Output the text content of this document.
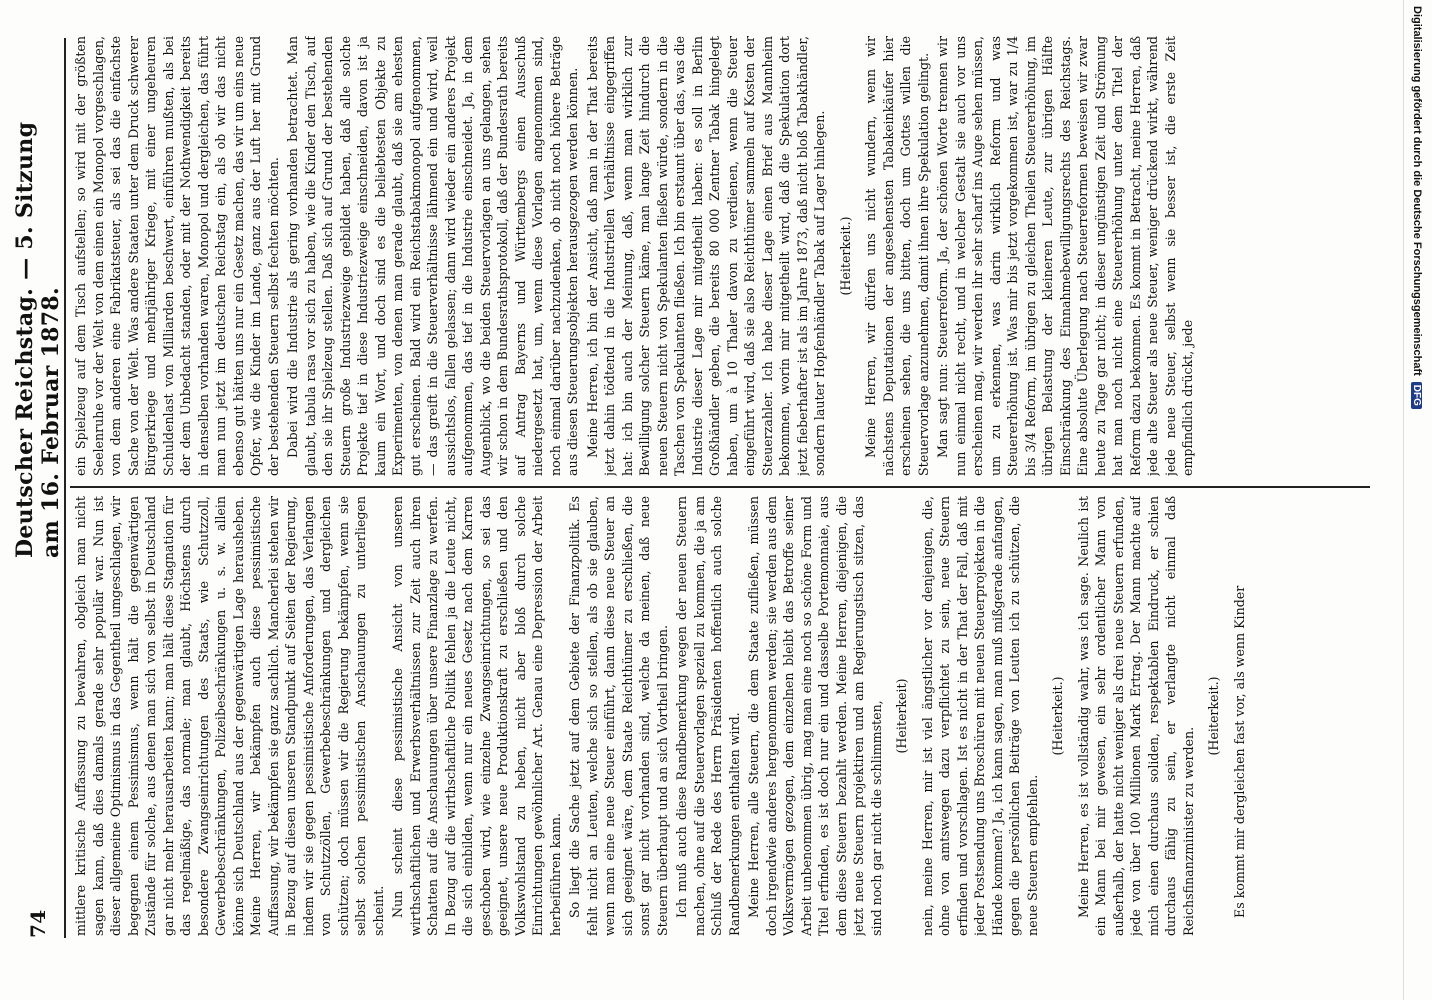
74
Deutscher Reichstag. — 5. Sitzung am 16. Februar 1878.

mittlere kritische Auffassung zu bewahren, obgleich man nicht sagen kann, daß dies damals gerade sehr populär war. Nun ist dieser allgemeine Optimismus in das Gegentheil umgeschlagen, wir begegnen einem Pessimismus, wenn hält die gegenwärtigen Zustände für solche, aus denen man sich von selbst in Deutschland gar nicht mehr herausarbeiten kann; man hält diese Stagnation für das regelmäßige, das normale; man glaubt, Höchstens durch besondere Zwangseinrichtungen des Staats, wie Schutzzoll, Gewerbebeschränkungen, Polizeibeschränkungen u. s. w. allein könne sich Deutschland aus der gegenwärtigen Lage herausheben. Meine Herren, wir bekämpfen auch diese pessimistische Auffassung, wir bekämpfen sie ganz sachlich. Mancherlei stehen wir in Bezug auf diesen unseren Standpunkt auf Seiten der Regierung, indem wir sie gegen pessimistische Anforderungen, das Verlangen von Schutzzöllen, Gewerbebeschränkungen und dergleichen schützen; doch müssen wir die Regierung bekämpfen, wenn sie selbst solchen pessimistischen Anschauungen zu unterliegen scheint. Nun scheint diese pessimistische Ansicht von unseren wirthschaftlichen und Erwerbsverhältnissen zur Zeit auch ihren Schatten auf die Anschauungen über unsere Finanzlage zu werfen. In Bezug auf die wirthschaftliche Politik fehlen ja die Leute nicht, die sich einbilden, wenn nur ein neues Gesetz nach dem Karren geschoben wird, wie einzelne Zwangseinrichtungen, so sei das geeignet, unsere neue Produktionskraft zu erschließen und den Volkswohlstand zu heben, nicht aber bloß durch solche Einrichtungen gewöhnlicher Art. Genau eine Depression der Arbeit herbeiführen kann. So liegt die Sache jetzt auf dem Gebiete der Finanzpolitik. Es fehlt nicht an Leuten, welche sich so stellen, als ob sie glauben, wenn man eine neue Steuer einführt, dann diese neue Steuer an sich geeignet wäre, dem Staate Reichthümer zu erschließen, die sonst gar nicht vorhanden sind, welche da meinen, daß neue Steuern überhaupt und an sich Vortheil bringen. Ich muß auch diese Randbemerkung wegen der neuen Steuern machen, ohne auf die Steuervorlagen speziell zu kommen, die ja am Schluß der Rede des Herrn Präsidenten hoffentlich auch solche Randbemerkungen enthalten wird. Meine Herren, alle Steuern, die dem Staate zufließen, müssen doch irgendwie anderes hergenommen werden; sie werden aus dem Volksvermögen gezogen, dem einzelnen bleibt das Betroffe seiner Arbeit unbenommen übrig, mag man eine noch so schöne Form und Titel erfinden, es ist doch nur ein und dasselbe Portemonnaie, aus dem diese Steuern bezahlt werden. Meine Herren, diejenigen, die jetzt neue Steuern projektiren und am Regierungstisch sitzen, das sind noch gar nicht die schlimmsten, (Heiterkeit) nein, meine Herren, mir ist viel ängstlicher vor denjenigen, die, ohne von amtswegen dazu verpflichtet zu sein, neue Steuern erfinden und vorschlagen. Ist es nicht in der That der Fall, daß mit jeder Postsendung uns Broschüren mit neuen Steuerprojekten in die Hände kommen? Ja, ich kann sagen, man muß mißgerade anfangen, gegen die persönlichen Beiträge von Leuten ich zu schützen, die neue Steuern empfehlen.

(Heiterkeit.) Meine Herren, es ist vollständig wahr, was ich sage. Neulich ist ein Mann bei mir gewesen, ein sehr ordentlicher Mann von außerhalb, der hatte nicht weniger als drei neue Steuern erfunden, jede von über 100 Millionen Mark Ertrag. Der Mann machte auf mich einen durchaus soliden, respektablen Eindruck, er schien durchaus fähig zu sein, er verlangte nicht einmal daß Reichsfinanzminister zu werden.

(Heiterkeit.) Es kommt mir dergleichen fast vor, als wenn Kinder

ein Spielzeug auf dem Tisch aufstellen; so wird mit der größten Seelenruhe vor der Welt von dem einen ein Monopol vorgeschlagen, von dem anderen eine Fabrikatsteuer, als sei das die einfachste Sache von der Welt. Was andere Staaten unter dem Druck schwerer Bürgerkriege und mehrjähriger Kriege, mit einer ungeheuren Schuldenlast von Milliarden beschwert, einführen mußten, als bei der dem Unbedacht standen, oder mit der Nothwendigkeit bereits in denselben vorhanden waren, Monopol und dergleichen, das führt man nun jetzt im deutschen Reichstag ein, als ob wir das nicht ebenso gut hätten uns nur ein Gesetz machen, das wir um eins neue Opfer, wie die Kinder im Lande, ganz aus der Luft her mit Grund der bestehenden Steuern selbst fechten möchten. Dabei wird die Industrie als gering vorhanden betrachtet. Man glaubt, tabula rasa vor sich zu haben, wie die Kinder den Tisch, auf den sie ihr Spielzeug stellen. Daß sich auf Grund der bestehenden Steuern große Industriezweige gebildet haben, daß alle solche Projekte tief in diese Industriezweige einschneiden, davon ist ja kaum ein Wort, und doch sind es die beliebtesten Objekte zu Experimenten, von denen man gerade glaubt, daß sie am ehesten gut erscheinen. Bald wird ein Reichstabakmonopol aufgenommen, — das greift in die Steuerverhältnisse lähmend ein und wird, weil aussichtslos, fallen gelassen; dann wird wieder ein anderes Projekt aufgenommen, das tief in die Industrie einschneidet. Ja, in dem Augenblick, wo die beiden Steuervorlagen an uns gelangen, sehen wir schon in dem Bundesrathsprotokoll, daß der Bundesrath bereits auf Antrag Bayerns und Württembergs einen Ausschuß niedergesetzt hat, um, wenn diese Vorlagen angenommen sind, noch einmal darüber nachzudenken, ob nicht noch höhere Beträge aus diesen Steuerungsobjekten herausgezogen werden können. Meine Herren, ich bin der Ansicht, daß man in der That bereits jetzt dahin tödtend in die Industriellen Verhältnisse eingegriffen hat: ich bin auch der Meinung, daß, wenn man wirklich zur Bewilligung solcher Steuern käme, man lange Zeit hindurch die neuen Steuern nicht von Spekulanten fließen würde, sondern in die Taschen von Spekulanten fließen. Ich bin erstaunt über das, was die Industrie dieser Lage mir mitgetheilt haben: es soll in Berlin Großhändler geben, die bereits 80 000 Zentner Tabak hingelegt haben, um à 10 Thaler davon zu verdienen, wenn die Steuer eingeführt wird, daß sie also Reichthümer sammeln auf Kosten der Steuerzahler. Ich habe dieser Lage einen Brief aus Mannheim bekommen, worin mir mitgetheilt wird, daß die Spekulation dort jetzt fieberhafter ist als im Jahre 1873, daß nicht bloß Tabakhändler, sondern lauter Hopfenhändler Tabak auf Lager hinlegen. (Heiterkeit.) Meine Herren, wir dürfen uns nicht wundern, wenn wir nächstens Deputationen der angesehensten Tabakeinkäufer hier erscheinen sehen, die uns bitten, doch um Gottes willen die Steuervorlage anzunehmen, damit ihnen ihre Spekulation gelingt. Man sagt nun: Steuerreform. Ja, der schönen Worte trennen wir nun einmal nicht recht, und in welcher Gestalt sie auch vor uns erscheinen mag, wir werden ihr sehr scharf ins Auge sehen müssen, um zu erkennen, was darin wirklich Reform und was Steuererhöhung ist. Was mir bis jetzt vorgekommen ist, war zu 1/4 bis 3/4 Reform, im übrigen zu gleichen Theilen Steuererhöhung, im übrigen Belastung der kleineren Leute, zur übrigen Hälfte Einschränkung des Einnahmebewilligungsrechts des Reichstags. Eine absolute Überlegung nach Steuerreformen beweisen wir zwar heute zu Tage gar nicht; in dieser ungünstigen Zeit und Strömung hat man noch nicht eine Steuererhöhung unter dem Titel der Reform dazu bekommen. Es kommt in Betracht, meine Herren, daß jede alte Steuer als neue Steuer, weniger drückend wirkt, während jede neue Steuer, selbst wenn sie besser ist, die erste Zeit empfindlich drückt, jede

Digitalisierung gefördert durch die Deutsche Forschungsgemeinschaft
DFG
